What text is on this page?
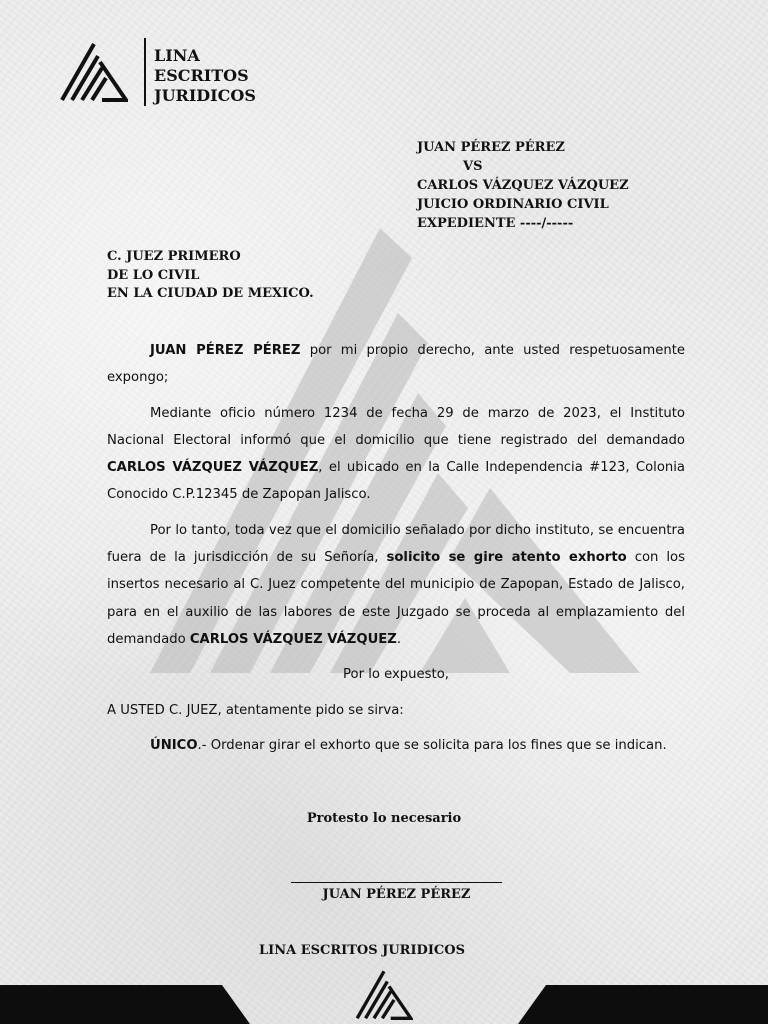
LINA
ESCRITOS
JURIDICOS
JUAN PÉREZ PÉREZ
VS
CARLOS VÁZQUEZ VÁZQUEZ
JUICIO ORDINARIO CIVIL
EXPEDIENTE ----/-----
C. JUEZ PRIMERO
DE LO CIVIL
EN LA CIUDAD DE MEXICO.

JUAN PÉREZ PÉREZ por mi propio derecho, ante usted respetuosamente expongo;

Mediante oficio número 1234 de fecha 29 de marzo de 2023, el Instituto Nacional Electoral informó que el domicilio que tiene registrado del demandado CARLOS VÁZQUEZ VÁZQUEZ, el ubicado en la Calle Independencia #123, Colonia Conocido C.P.12345 de Zapopan Jalisco.

Por lo tanto, toda vez que el domicilio señalado por dicho instituto, se encuentra fuera de la jurisdicción de su Señoría, solicito se gire atento exhorto con los insertos necesario al C. Juez competente del municipio de Zapopan, Estado de Jalisco, para en el auxilio de las labores de este Juzgado se proceda al emplazamiento del demandado CARLOS VÁZQUEZ VÁZQUEZ.

Por lo expuesto,

A USTED C. JUEZ, atentamente pido se sirva:

ÚNICO.- Ordenar girar el exhorto que se solicita para los fines que se indican.

Protesto lo necesario
JUAN PÉREZ PÉREZ
LINA ESCRITOS JURIDICOS
